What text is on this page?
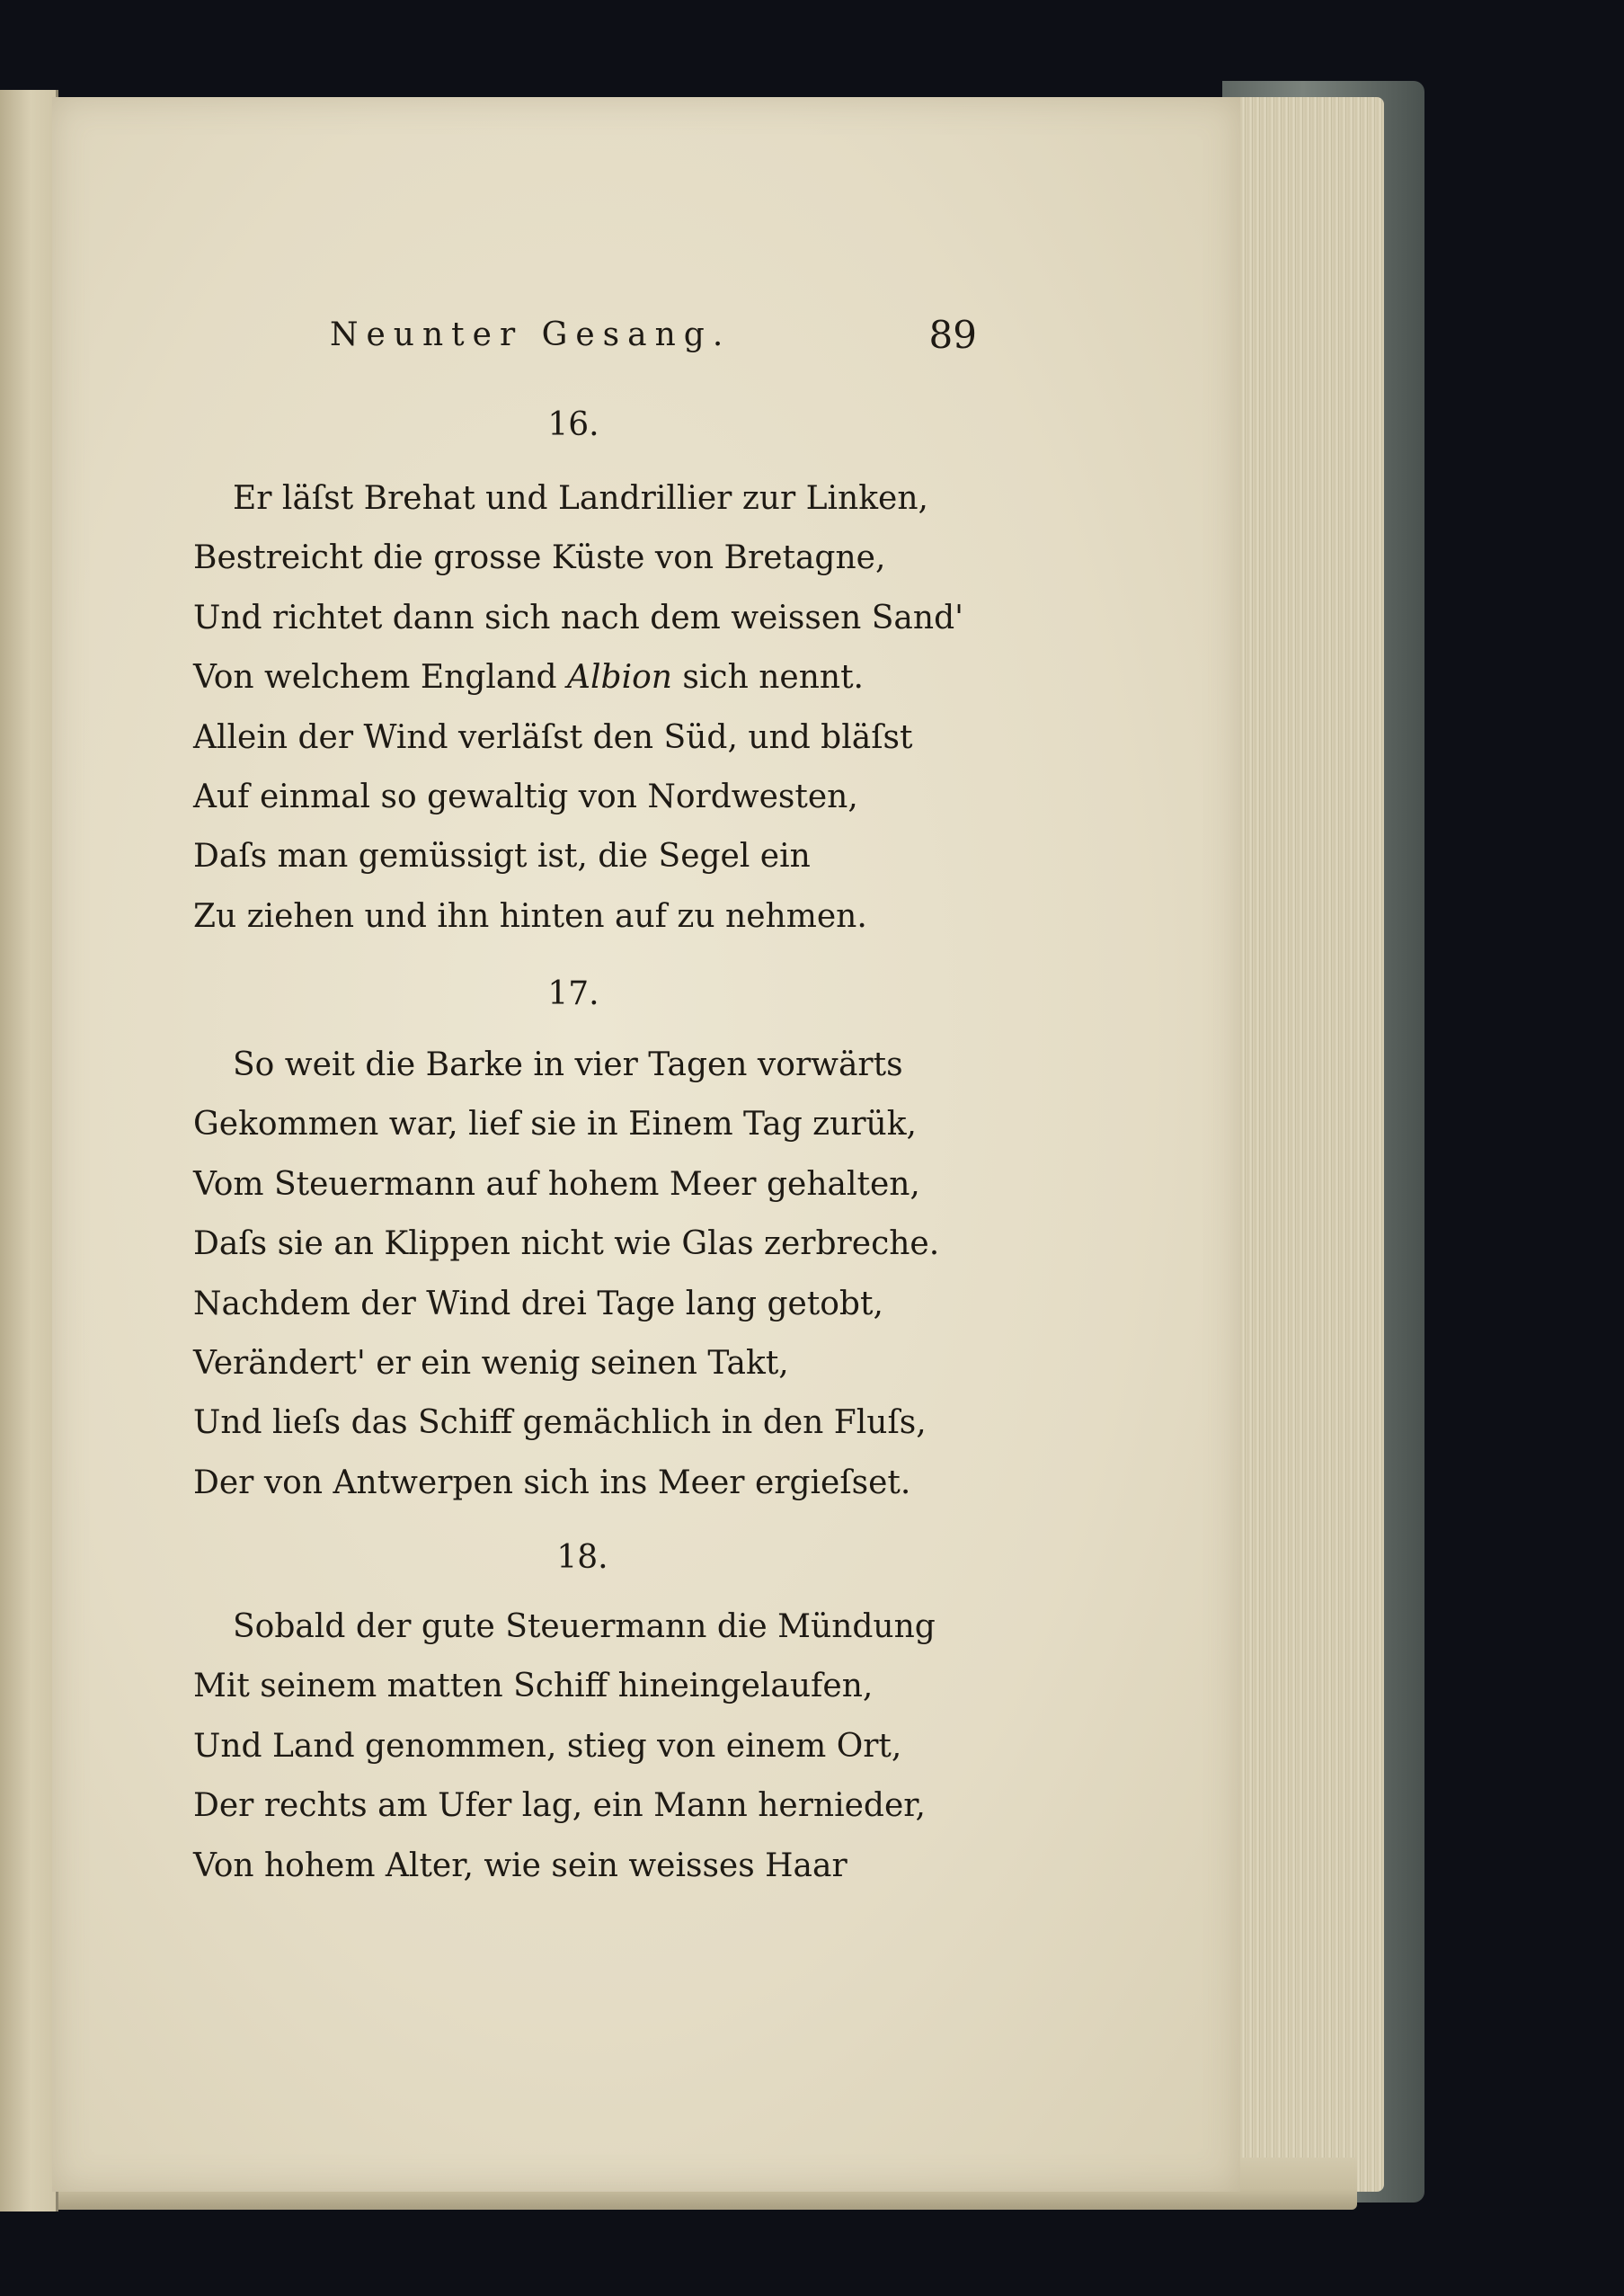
Neunter Gesang.	89
16.
Er läſst Brehat und Landrillier zur Linken,
Bestreicht die grosse Küste von Bretagne,
Und richtet dann sich nach dem weissen Sand'
Von welchem England Albion sich nennt.
Allein der Wind verläſst den Süd, und bläſst
Auf einmal so gewaltig von Nordwesten,
Daſs man gemüssigt ist, die Segel ein
Zu ziehen und ihn hinten auf zu nehmen.
17.
So weit die Barke in vier Tagen vorwärts
Gekommen war, lief sie in Einem Tag zurük,
Vom Steuermann auf hohem Meer gehalten,
Daſs sie an Klippen nicht wie Glas zerbreche.
Nachdem der Wind drei Tage lang getobt,
Verändert' er ein wenig seinen Takt,
Und lieſs das Schiff gemächlich in den Fluſs,
Der von Antwerpen sich ins Meer ergieſset.
18.
Sobald der gute Steuermann die Mündung
Mit seinem matten Schiff hineingelaufen,
Und Land genommen, stieg von einem Ort,
Der rechts am Ufer lag, ein Mann hernieder,
Von hohem Alter, wie sein weisses Haar
